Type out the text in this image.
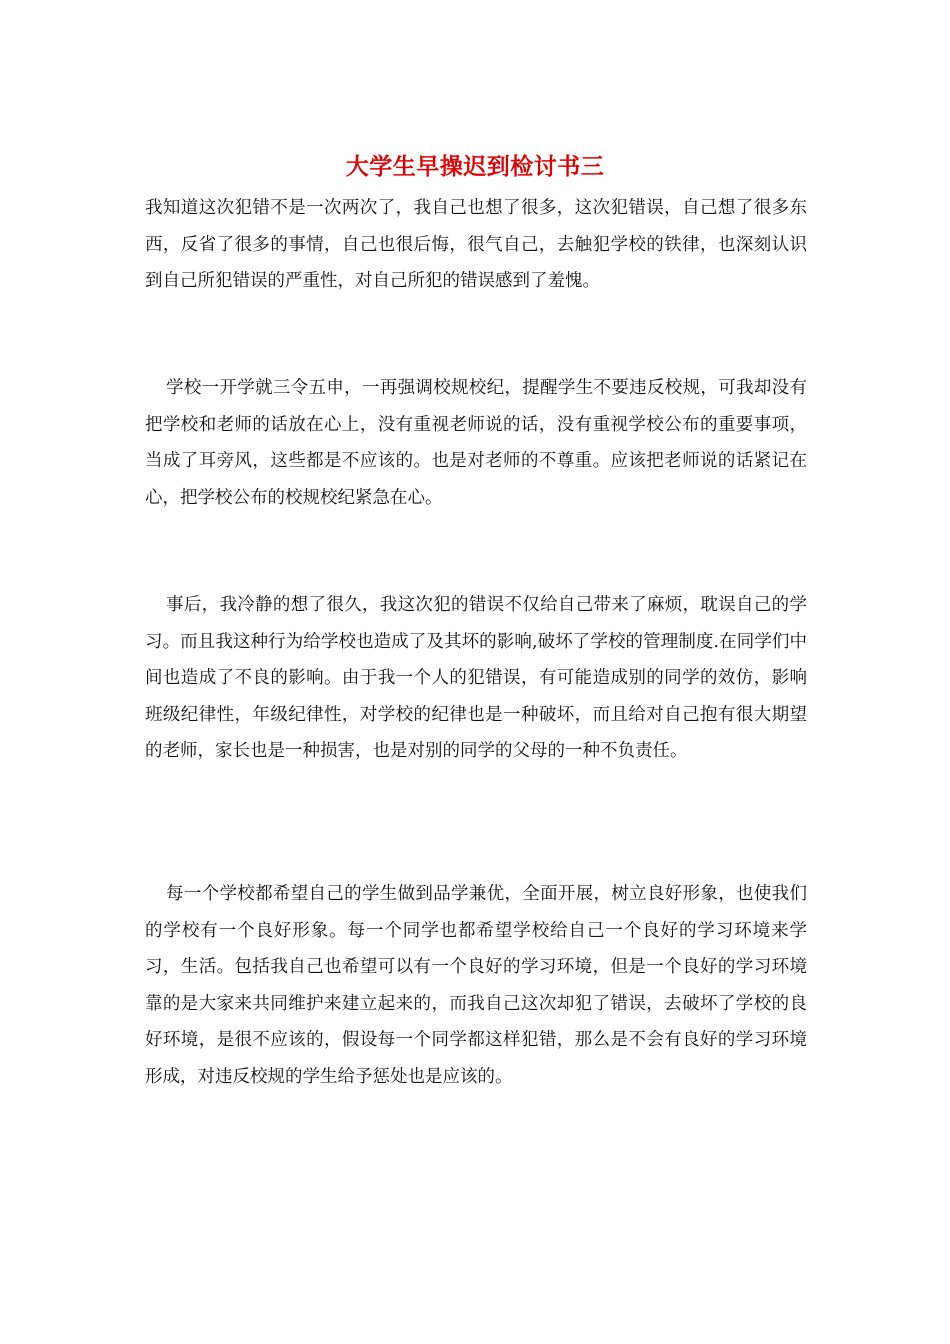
大学生早操迟到检讨书三

我知道这次犯错不是一次两次了，我自己也想了很多，这次犯错误，自己想了很多东西，反省了很多的事情，自己也很后悔，很气自己，去触犯学校的铁律，也深刻认识到自己所犯错误的严重性，对自己所犯的错误感到了羞愧。

学校一开学就三令五申，一再强调校规校纪，提醒学生不要违反校规，可我却没有把学校和老师的话放在心上，没有重视老师说的话，没有重视学校公布的重要事项，当成了耳旁风，这些都是不应该的。也是对老师的不尊重。应该把老师说的话紧记在心，把学校公布的校规校纪紧急在心。

事后，我冷静的想了很久，我这次犯的错误不仅给自己带来了麻烦，耽误自己的学习。而且我这种行为给学校也造成了及其坏的影响,破坏了学校的管理制度.在同学们中间也造成了不良的影响。由于我一个人的犯错误，有可能造成别的同学的效仿，影响班级纪律性，年级纪律性，对学校的纪律也是一种破坏，而且给对自己抱有很大期望的老师，家长也是一种损害，也是对别的同学的父母的一种不负责任。

每一个学校都希望自己的学生做到品学兼优，全面开展，树立良好形象，也使我们的学校有一个良好形象。每一个同学也都希望学校给自己一个良好的学习环境来学习，生活。包括我自己也希望可以有一个良好的学习环境，但是一个良好的学习环境靠的是大家来共同维护来建立起来的，而我自己这次却犯了错误，去破坏了学校的良好环境，是很不应该的，假设每一个同学都这样犯错，那么是不会有良好的学习环境形成，对违反校规的学生给予惩处也是应该的。
